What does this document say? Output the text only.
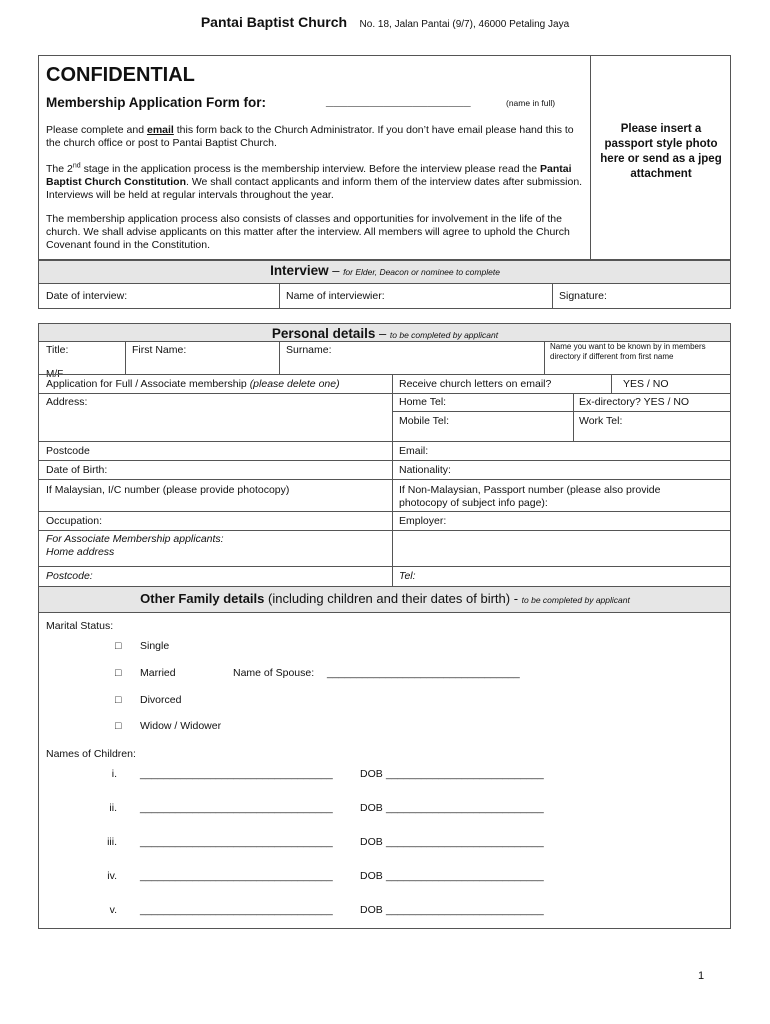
Pantai Baptist Church No. 18, Jalan Pantai (9/7), 46000 Petaling Jaya
CONFIDENTIAL
Membership Application Form for:	____________________	(name in full)
Please complete and email this form back to the Church Administrator. If you don’t have email please hand this to the church office or post to Pantai Baptist Church.
The 2nd stage in the application process is the membership interview. Before the interview please read the Pantai Baptist Church Constitution. We shall contact applicants and inform them of the interview dates after submission. Interviews will be held at regular intervals throughout the year.
The membership application process also consists of classes and opportunities for involvement in the life of the church. We shall advise applicants on this matter after the interview. All members will agree to uphold the Church Covenant found in the Constitution.
Please insert a passport style photo here or send as a jpeg attachment
Interview – for Elder, Deacon or nominee to complete
Date of interview:	Name of interviewier:	Signature:
Personal details – to be completed by applicant
Title:	First Name:	Surname:	Name you want to be known by in members directory if different from first name
M/F
Application for Full / Associate membership (please delete one)	Receive church letters on email?	YES / NO
Address:	Home Tel:	Ex-directory? YES / NO
Mobile Tel:	Work Tel:
Postcode	Email:
Date of Birth:	Nationality:
If Malaysian, I/C number (please provide photocopy)	If Non-Malaysian, Passport number (please also provide photocopy of subject info page):
Occupation:	Employer:
For Associate Membership applicants:
Home address
Postcode:	Tel:
Other Family details (including children and their dates of birth) - to be completed by applicant
Marital Status:
□ Single
□ Married	Name of Spouse: _________________________________
□ Divorced
□ Widow / Widower
Names of Children:
i. _________________________________	DOB ___________________________
ii. _________________________________	DOB ___________________________
iii. _________________________________	DOB ___________________________
iv. _________________________________	DOB ___________________________
v. _________________________________	DOB ___________________________
1
